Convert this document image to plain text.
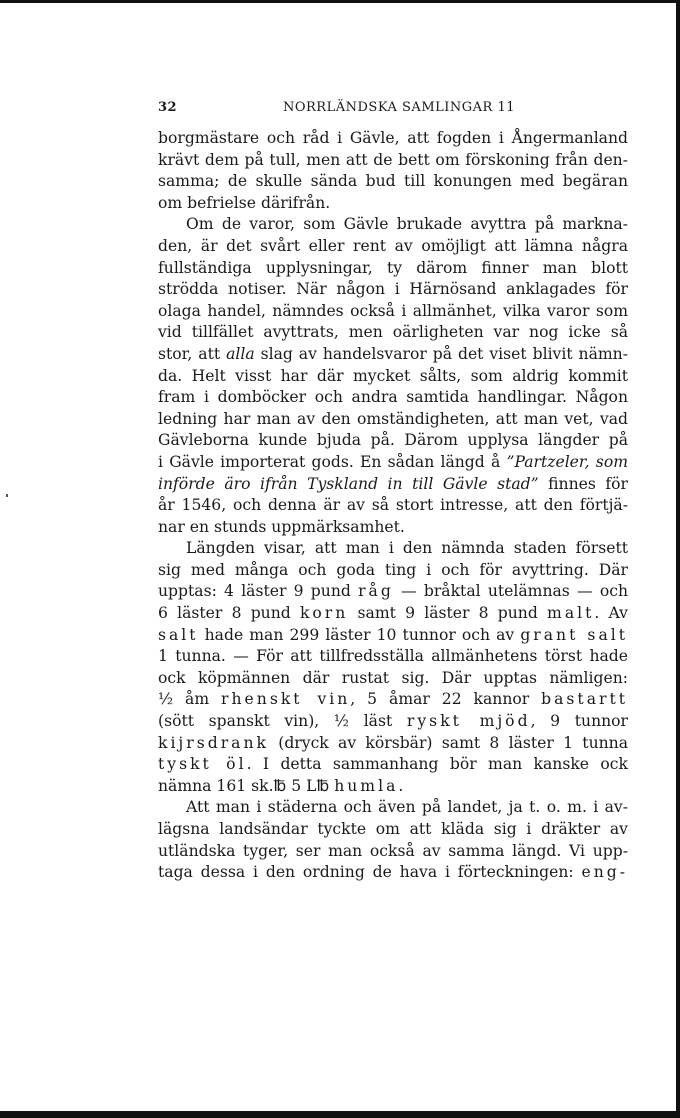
32	NORRLÄNDSKA SAMLINGAR 11
borgmästare och råd i Gävle, att fogden i Ångermanland
krävt dem på tull, men att de bett om förskoning från den-
samma; de skulle sända bud till konungen med begäran
om befrielse därifrån.
Om de varor, som Gävle brukade avyttra på markna-
den, är det svårt eller rent av omöjligt att lämna några
fullständiga upplysningar, ty därom finner man blott
strödda notiser. När någon i Härnösand anklagades för
olaga handel, nämndes också i allmänhet, vilka varor som
vid tillfället avyttrats, men oärligheten var nog icke så
stor, att alla slag av handelsvaror på det viset blivit nämn-
da. Helt visst har där mycket sålts, som aldrig kommit
fram i domböcker och andra samtida handlingar. Någon
ledning har man av den omständigheten, att man vet, vad
Gävleborna kunde bjuda på. Därom upplysa längder på
i Gävle importerat gods. En sådan längd å ”Partzeler, som
införde äro ifrån Tyskland in till Gävle stad” finnes för
år 1546, och denna är av så stort intresse, att den förtjä-
nar en stunds uppmärksamhet.
Längden visar, att man i den nämnda staden försett
sig med många och goda ting i och för avyttring. Där
upptas: 4 läster 9 pund råg — bråktal utelämnas — och
6 läster 8 pund korn samt 9 läster 8 pund malt. Av
salt hade man 299 läster 10 tunnor och av grant salt
1 tunna. — För att tillfredsställa allmänhetens törst hade
ock köpmännen där rustat sig. Där upptas nämligen:
½ åm rhenskt vin, 5 åmar 22 kannor bastartt
(sött spanskt vin), ½ läst ryskt mjöd, 9 tunnor
kijrsdrank (dryck av körsbär) samt 8 läster 1 tunna
tyskt öl. I detta sammanhang bör man kanske ock
nämna 161 sk.℔ 5 L℔ humla.
Att man i städerna och även på landet, ja t. o. m. i av-
lägsna landsändar tyckte om att kläda sig i dräkter av
utländska tyger, ser man också av samma längd. Vi upp-
taga dessa i den ordning de hava i förteckningen: eng-
